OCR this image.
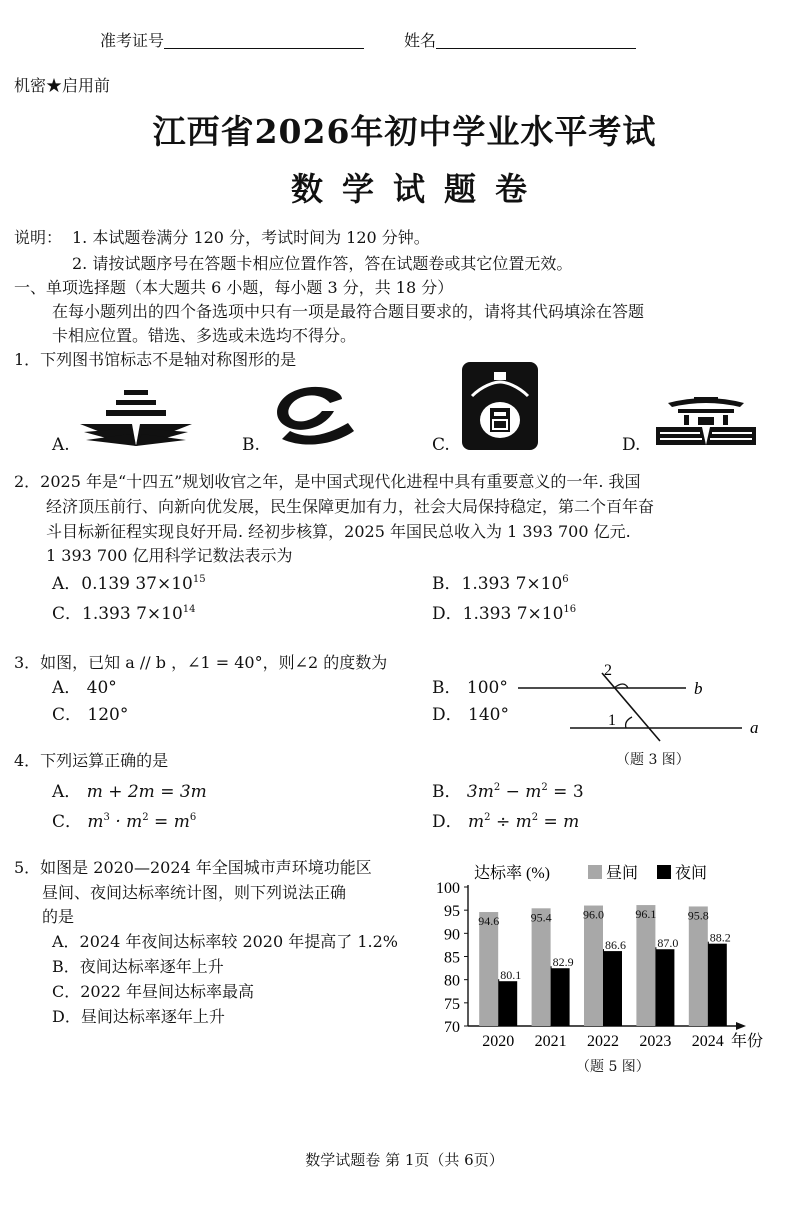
准考证号	姓名
机密★启用前
江西省2026年初中学业水平考试
数学试题卷
说明： 1. 本试题卷满分 120 分，考试时间为 120 分钟。
2. 请按试题序号在答题卡相应位置作答，答在试题卷或其它位置无效。
一、单项选择题（本大题共 6 小题，每小题 3 分，共 18 分）
在每小题列出的四个备选项中只有一项是最符合题目要求的，请将其代码填涂在答题
卡相应位置。错选、多选或未选均不得分。
1．下列图书馆标志不是轴对称图形的是
A.	B.	C.	D.
2．2025 年是“十四五”规划收官之年，是中国式现代化进程中具有重要意义的一年. 我国
经济顶压前行、向新向优发展，民生保障更加有力，社会大局保持稳定，第二个百年奋
斗目标新征程实现良好开局. 经初步核算，2025 年国民总收入为 1 393 700 亿元.
1 393 700 亿用科学记数法表示为
A．0.139 $37\times 10^{15}$	B．1.393 $7\times 10^6$
C．1.393 $7\times 10^{14}$	D．1.393 $7\times 10^{16}$
3．如图，已知 a // b ，∠1 = 40°，则∠2 的度数为
A． 40°	B． 100°
C． 120°	D． 140°
2
1
b
a
（题 3 图）
4．下列运算正确的是
A． m + 2m = 3m	B． $3m^2 - m^2 = 3$
C． $m^3 \cdot m^2 = m^6$	D． $m^2 \div m^2 = m$
5．如图是 2020—2024 年全国城市声环境功能区
昼间、夜间达标率统计图，则下列说法正确
的是
A．2024 年夜间达标率较 2020 年提高了 1.2%
B．夜间达标率逐年上升
C．2022 年昼间达标率最高
D．昼间达标率逐年上升
70
75
80
85
90
95
100
2020 2021 2022 2023 2024
94.6
80.1
95.4
82.9
96.0
86.6
96.1
87.0
95.8
88.2
达标率 (%)	昼间 夜间
年份
（题 5 图）
数学试题卷 第 1页（共 6页）
